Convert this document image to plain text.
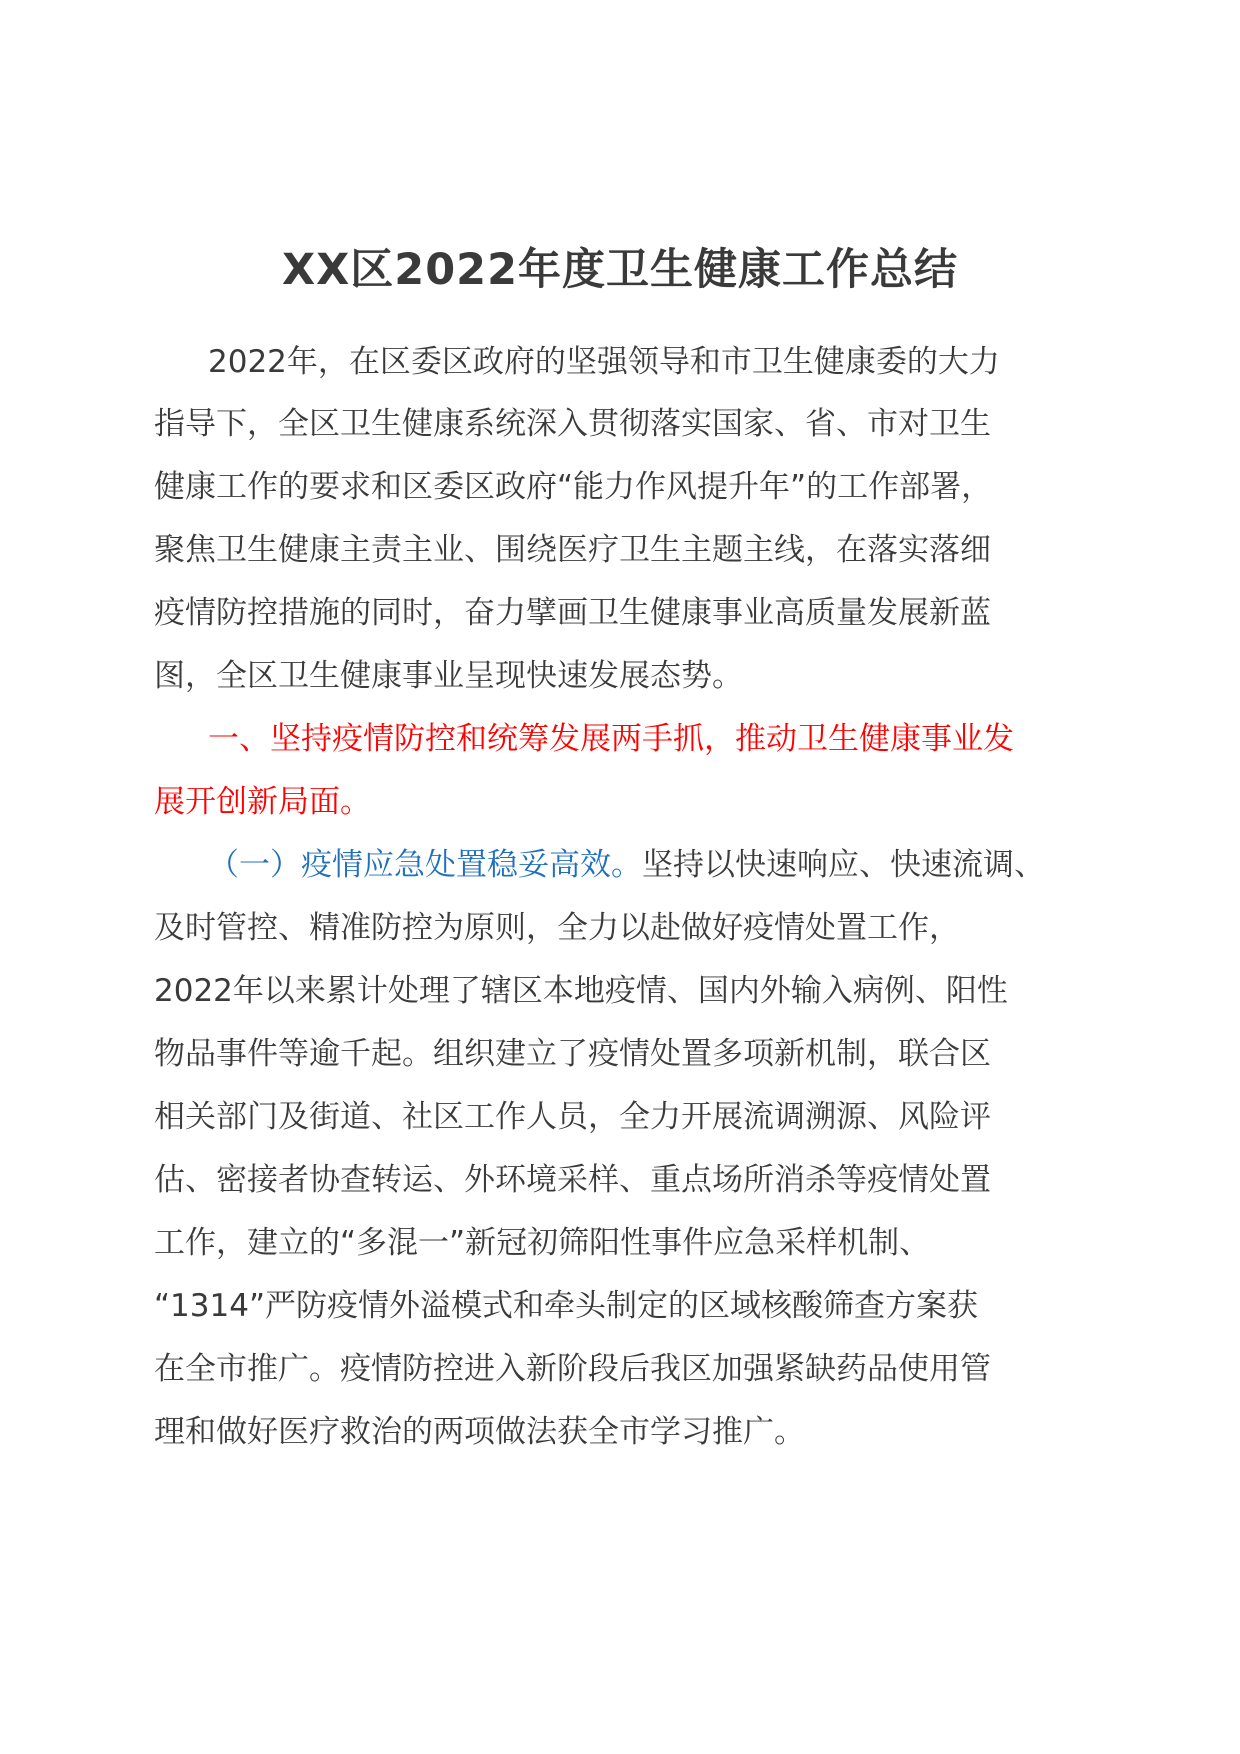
XX区2022年度卫生健康工作总结
2022年，在区委区政府的坚强领导和市卫生健康委的大力
指导下，全区卫生健康系统深入贯彻落实国家、省、市对卫生
健康工作的要求和区委区政府“能力作风提升年”的工作部署，
聚焦卫生健康主责主业、围绕医疗卫生主题主线，在落实落细
疫情防控措施的同时，奋力擘画卫生健康事业高质量发展新蓝
图，全区卫生健康事业呈现快速发展态势。
一、坚持疫情防控和统筹发展两手抓，推动卫生健康事业发
展开创新局面。
（一）疫情应急处置稳妥高效。坚持以快速响应、快速流调、
及时管控、精准防控为原则，全力以赴做好疫情处置工作，
2022年以来累计处理了辖区本地疫情、国内外输入病例、阳性
物品事件等逾千起。组织建立了疫情处置多项新机制，联合区
相关部门及街道、社区工作人员，全力开展流调溯源、风险评
估、密接者协查转运、外环境采样、重点场所消杀等疫情处置
工作，建立的“多混一”新冠初筛阳性事件应急采样机制、
“1314”严防疫情外溢模式和牵头制定的区域核酸筛查方案获
在全市推广。疫情防控进入新阶段后我区加强紧缺药品使用管
理和做好医疗救治的两项做法获全市学习推广。
